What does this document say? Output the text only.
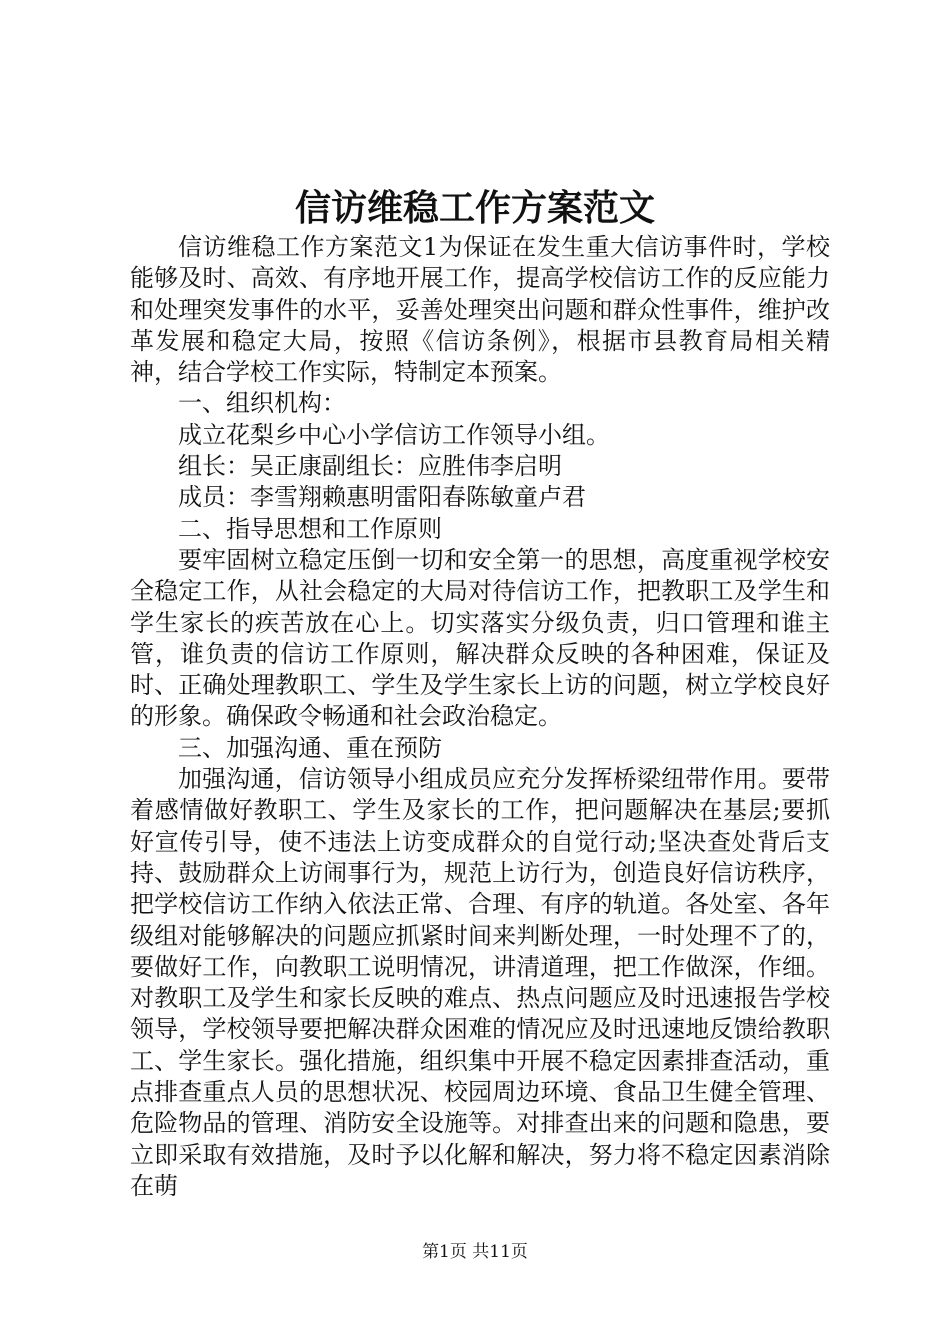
信访维稳工作方案范文

信访维稳工作方案范文1为保证在发生重大信访事件时，学校能够及时、高效、有序地开展工作，提高学校信访工作的反应能力和处理突发事件的水平，妥善处理突出问题和群众性事件，维护改革发展和稳定大局，按照《信访条例》，根据市县教育局相关精神，结合学校工作实际，特制定本预案。

一、组织机构：

成立花梨乡中心小学信访工作领导小组。

组长：吴正康副组长：应胜伟李启明

成员：李雪翔赖惠明雷阳春陈敏童卢君

二、指导思想和工作原则

要牢固树立稳定压倒一切和安全第一的思想，高度重视学校安全稳定工作，从社会稳定的大局对待信访工作，把教职工及学生和学生家长的疾苦放在心上。切实落实分级负责，归口管理和谁主管，谁负责的信访工作原则，解决群众反映的各种困难，保证及时、正确处理教职工、学生及学生家长上访的问题，树立学校良好的形象。确保政令畅通和社会政治稳定。

三、加强沟通、重在预防

加强沟通，信访领导小组成员应充分发挥桥梁纽带作用。要带着感情做好教职工、学生及家长的工作，把问题解决在基层;要抓好宣传引导，使不违法上访变成群众的自觉行动;坚决查处背后支持、鼓励群众上访闹事行为，规范上访行为，创造良好信访秩序，把学校信访工作纳入依法正常、合理、有序的轨道。各处室、各年级组对能够解决的问题应抓紧时间来判断处理，一时处理不了的，要做好工作，向教职工说明情况，讲清道理，把工作做深，作细。对教职工及学生和家长反映的难点、热点问题应及时迅速报告学校领导，学校领导要把解决群众困难的情况应及时迅速地反馈给教职工、学生家长。强化措施，组织集中开展不稳定因素排查活动，重点排查重点人员的思想状况、校园周边环境、食品卫生健全管理、危险物品的管理、消防安全设施等。对排查出来的问题和隐患，要立即采取有效措施，及时予以化解和解决，努力将不稳定因素消除在萌

第1页 共11页
